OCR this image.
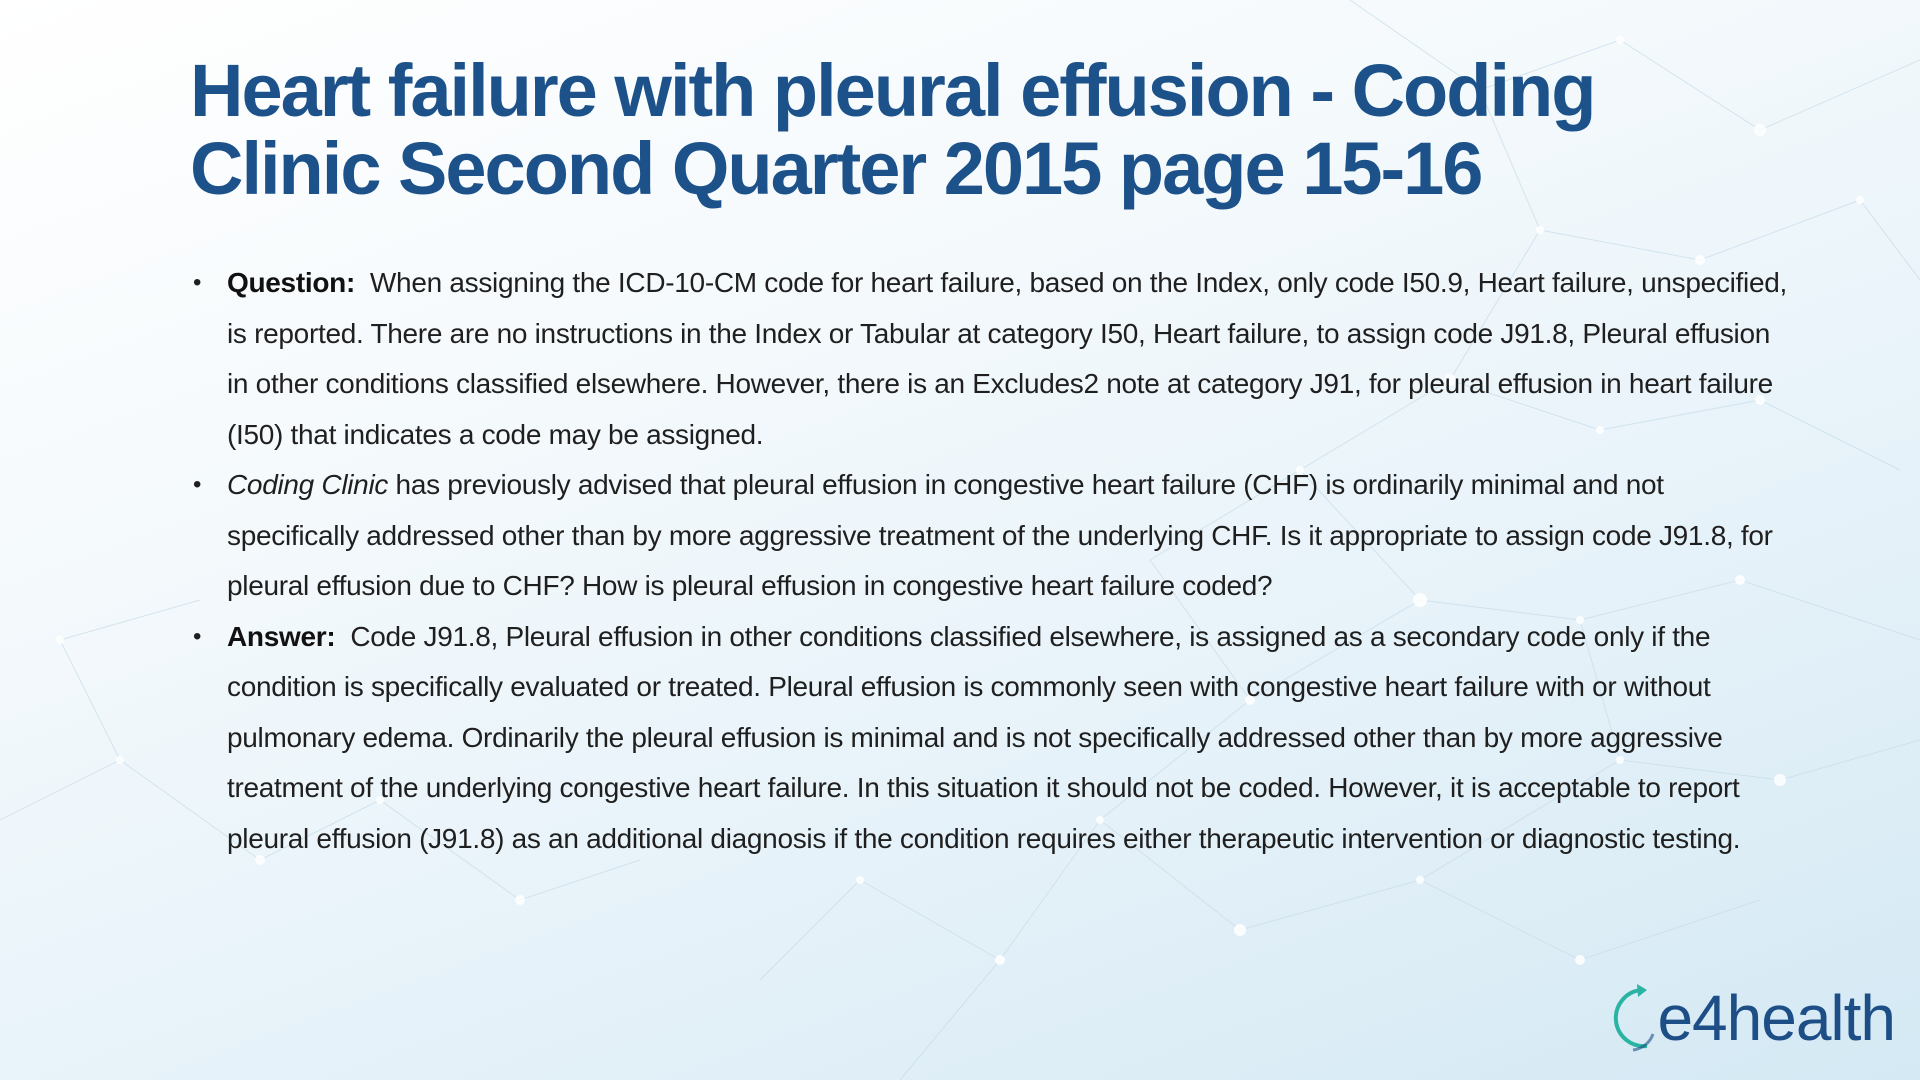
Heart failure with pleural effusion - Coding Clinic Second Quarter 2015 page 15-16
• Question:  When assigning the ICD-10-CM code for heart failure, based on the Index, only code I50.9, Heart failure, unspecified, is reported. There are no instructions in the Index or Tabular at category I50, Heart failure, to assign code J91.8, Pleural effusion in other conditions classified elsewhere. However, there is an Excludes2 note at category J91, for pleural effusion in heart failure (I50) that indicates a code may be assigned.
• Coding Clinic has previously advised that pleural effusion in congestive heart failure (CHF) is ordinarily minimal and not specifically addressed other than by more aggressive treatment of the underlying CHF. Is it appropriate to assign code J91.8, for pleural effusion due to CHF? How is pleural effusion in congestive heart failure coded?
• Answer:  Code J91.8, Pleural effusion in other conditions classified elsewhere, is assigned as a secondary code only if the condition is specifically evaluated or treated. Pleural effusion is commonly seen with congestive heart failure with or without pulmonary edema. Ordinarily the pleural effusion is minimal and is not specifically addressed other than by more aggressive treatment of the underlying congestive heart failure. In this situation it should not be coded. However, it is acceptable to report pleural effusion (J91.8) as an additional diagnosis if the condition requires either therapeutic intervention or diagnostic testing.
e4health
